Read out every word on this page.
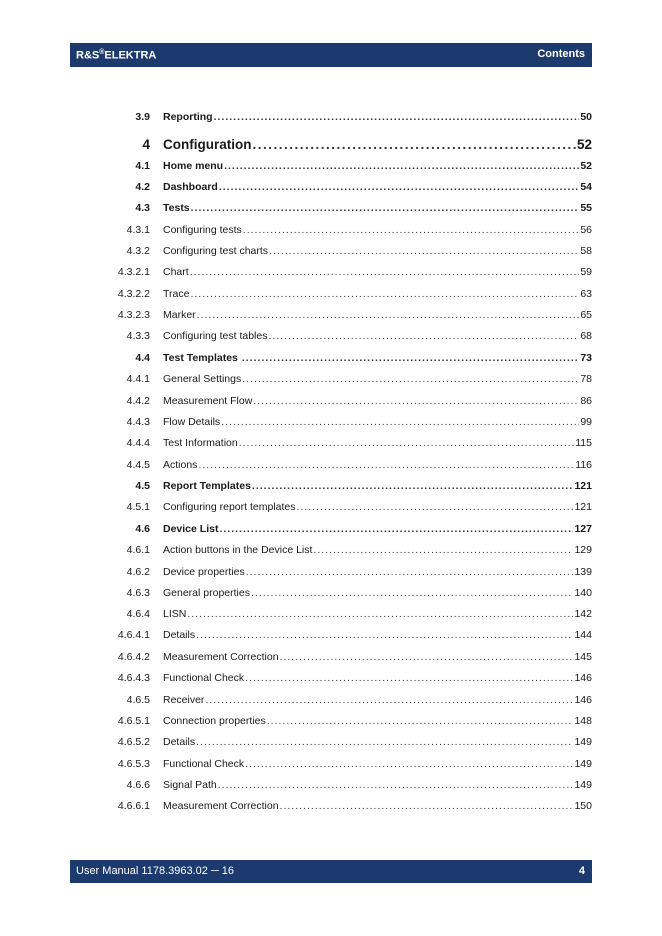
R&S®ELEKTRA	Contents
3.9 Reporting .....	50
4 Configuration .....	52
4.1 Home menu .....	52
4.2 Dashboard .....	54
4.3 Tests .....	55
4.3.1 Configuring tests .....	56
4.3.2 Configuring test charts .....	58
4.3.2.1 Chart .....	59
4.3.2.2 Trace .....	63
4.3.2.3 Marker .....	65
4.3.3 Configuring test tables .....	68
4.4 Test Templates .....	73
4.4.1 General Settings .....	78
4.4.2 Measurement Flow .....	86
4.4.3 Flow Details .....	99
4.4.4 Test Information .....	115
4.4.5 Actions .....	116
4.5 Report Templates .....	121
4.5.1 Configuring report templates .....	121
4.6 Device List .....	127
4.6.1 Action buttons in the Device List .....	129
4.6.2 Device properties .....	139
4.6.3 General properties .....	140
4.6.4 LISN .....	142
4.6.4.1 Details .....	144
4.6.4.2 Measurement Correction .....	145
4.6.4.3 Functional Check .....	146
4.6.5 Receiver .....	146
4.6.5.1 Connection properties .....	148
4.6.5.2 Details .....	149
4.6.5.3 Functional Check .....	149
4.6.6 Signal Path .....	149
4.6.6.1 Measurement Correction .....	150
User Manual 1178.3963.02 ─ 16	4
